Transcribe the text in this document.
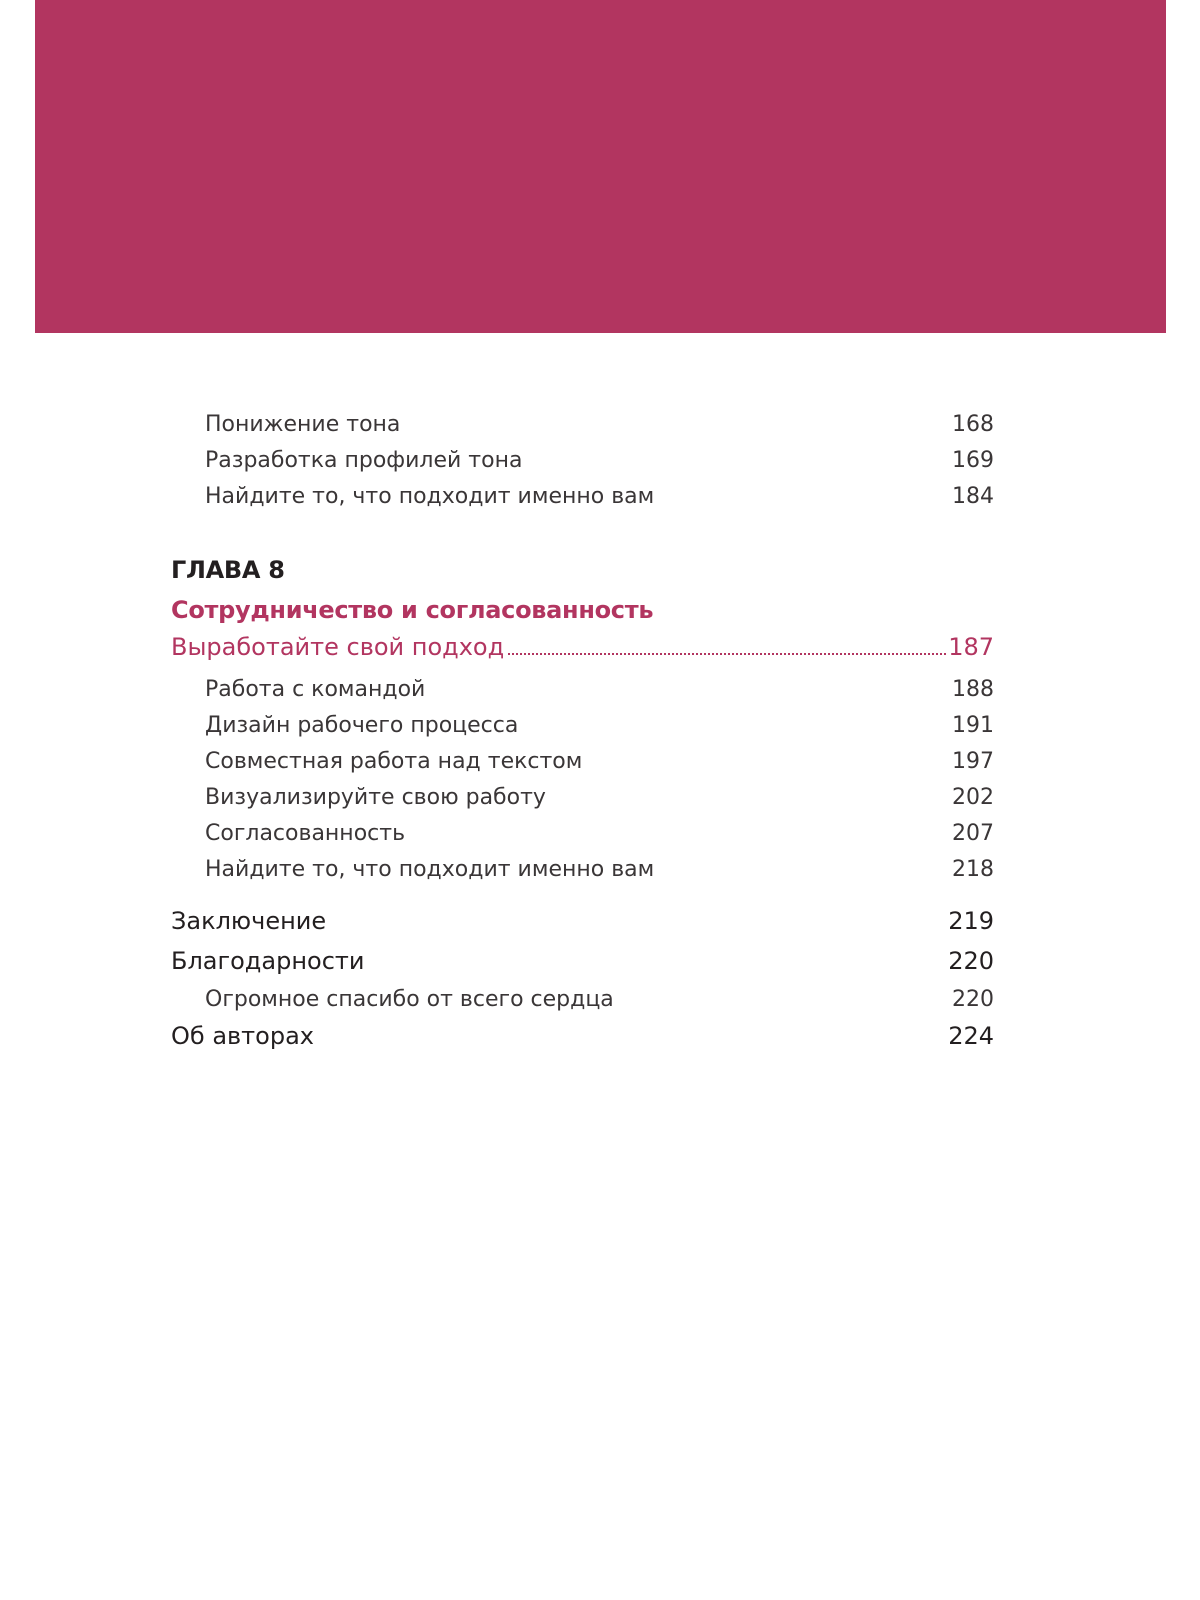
Понижение тона	168
Разработка профилей тона	169
Найдите то, что подходит именно вам	184
ГЛАВА 8
Сотрудничество и согласованность
Выработайте свой подход	187
Работа с командой	188
Дизайн рабочего процесса	191
Совместная работа над текстом	197
Визуализируйте свою работу	202
Согласованность	207
Найдите то, что подходит именно вам	218
Заключение	219
Благодарности	220
Огромное спасибо от всего сердца	220
Об авторах	224
